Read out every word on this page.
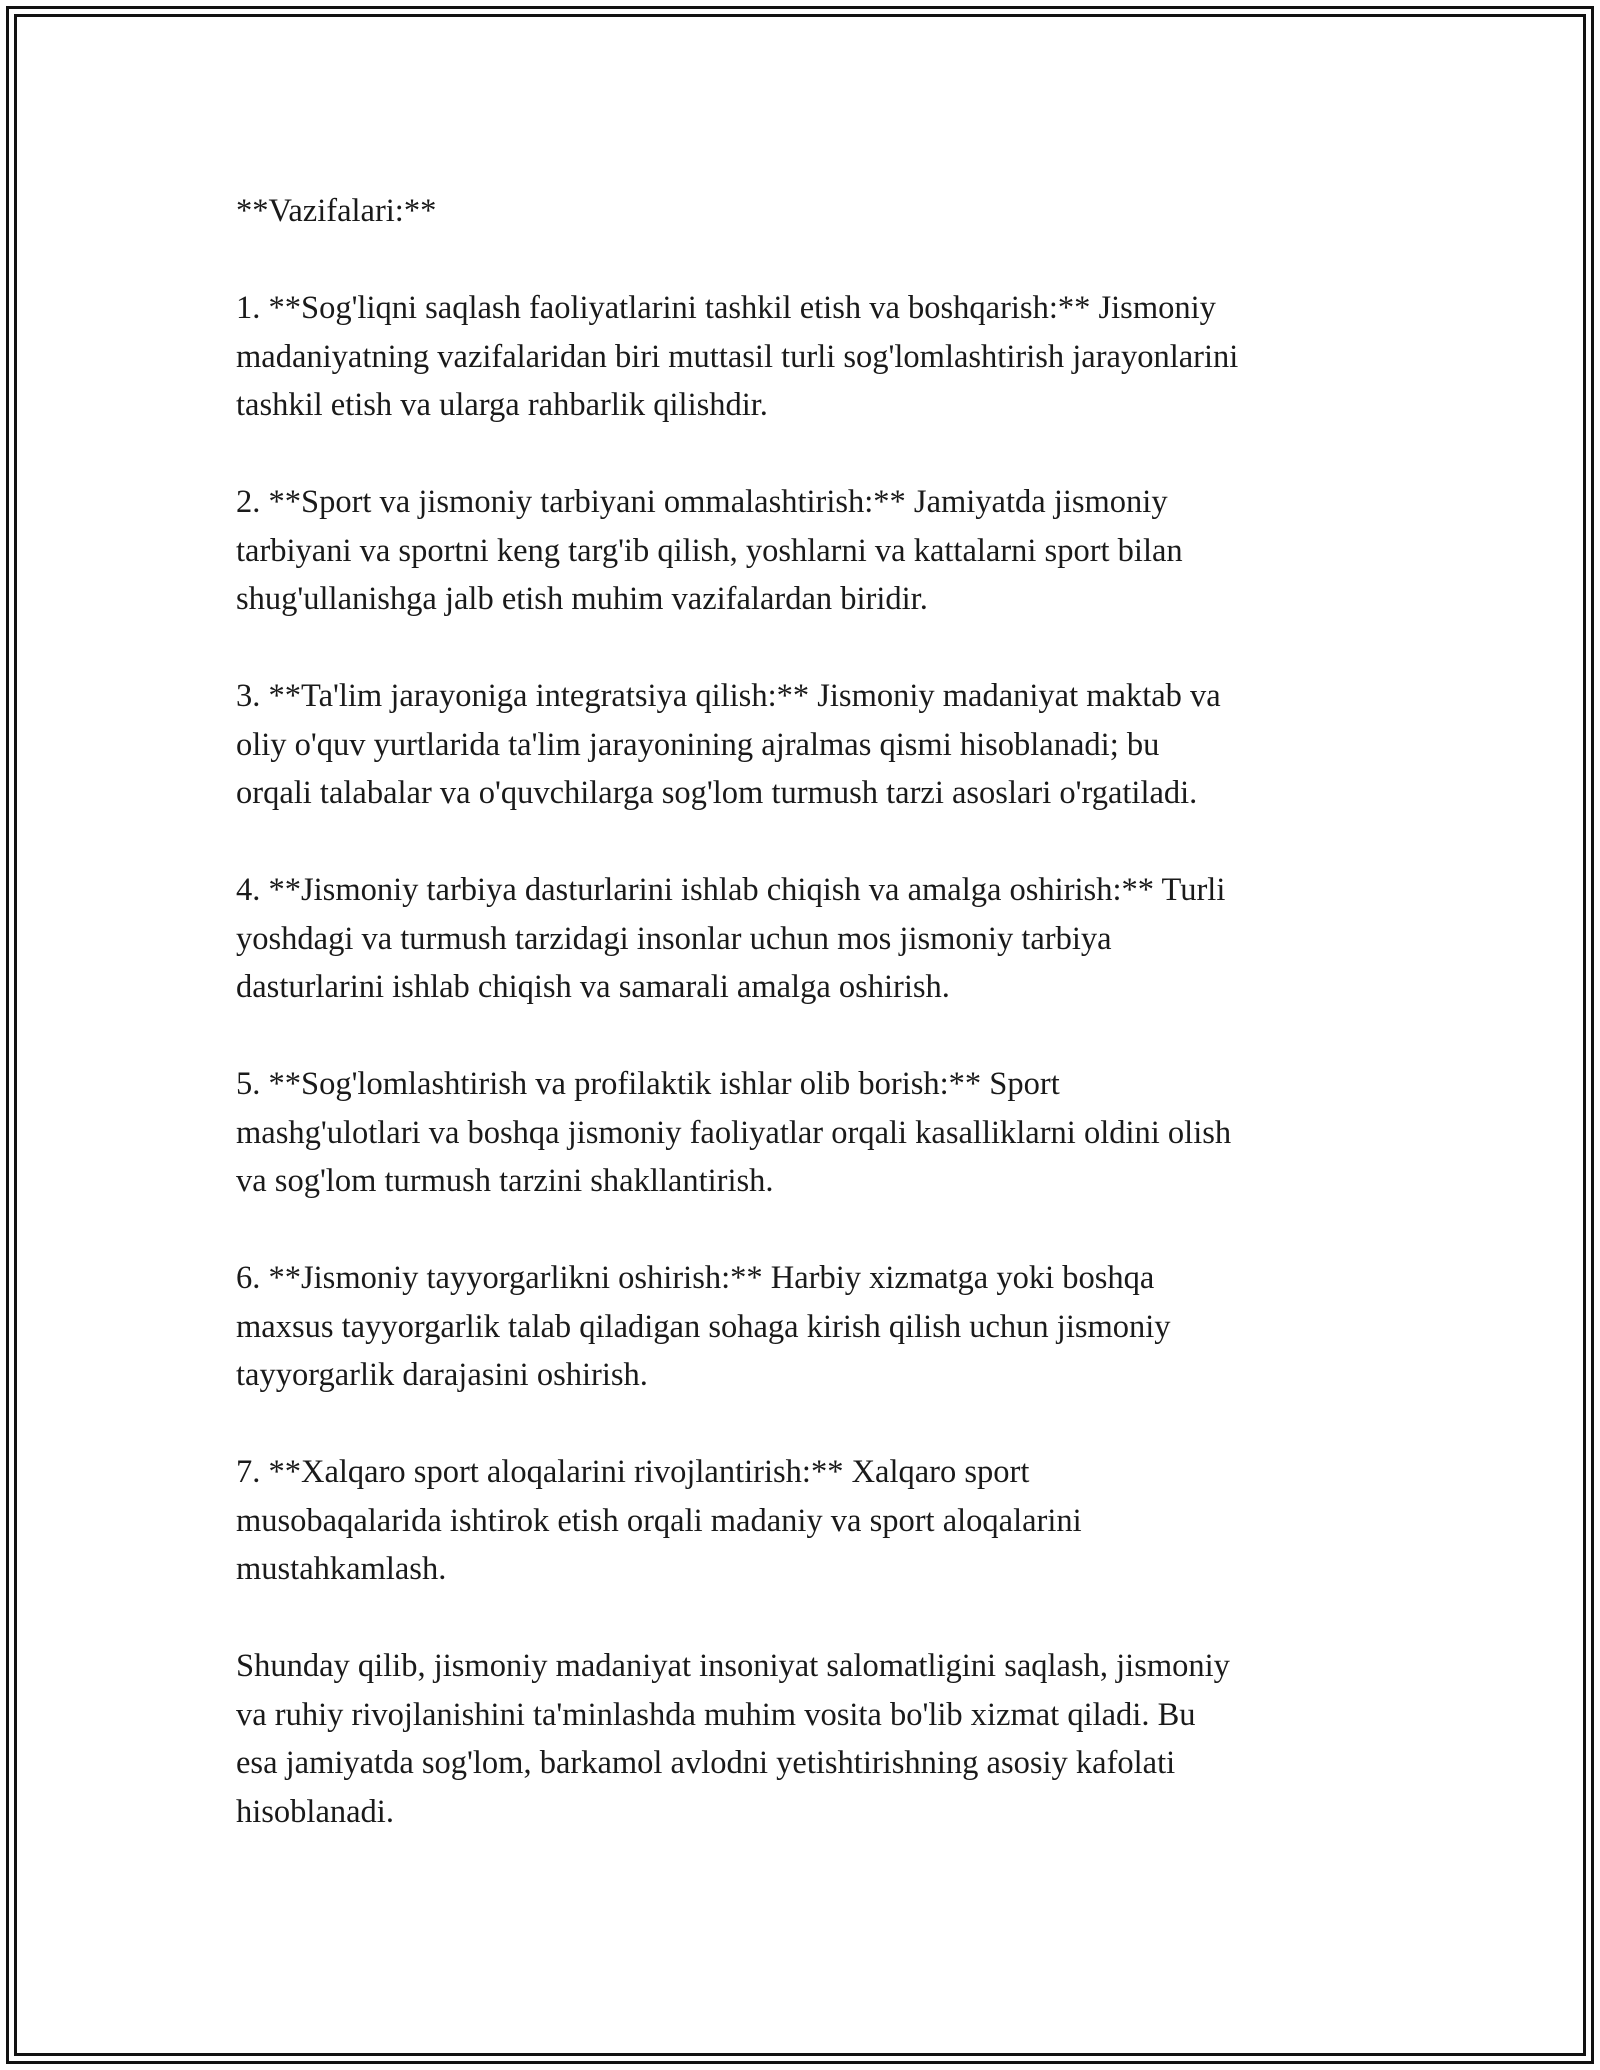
**Vazifalari:**

1. **Sog'liqni saqlash faoliyatlarini tashkil etish va boshqarish:** Jismoniy
madaniyatning vazifalaridan biri muttasil turli sog'lomlashtirish jarayonlarini
tashkil etish va ularga rahbarlik qilishdir.

2. **Sport va jismoniy tarbiyani ommalashtirish:** Jamiyatda jismoniy
tarbiyani va sportni keng targ'ib qilish, yoshlarni va kattalarni sport bilan
shug'ullanishga jalb etish muhim vazifalardan biridir.

3. **Ta'lim jarayoniga integratsiya qilish:** Jismoniy madaniyat maktab va
oliy o'quv yurtlarida ta'lim jarayonining ajralmas qismi hisoblanadi; bu
orqali talabalar va o'quvchilarga sog'lom turmush tarzi asoslari o'rgatiladi.

4. **Jismoniy tarbiya dasturlarini ishlab chiqish va amalga oshirish:** Turli
yoshdagi va turmush tarzidagi insonlar uchun mos jismoniy tarbiya
dasturlarini ishlab chiqish va samarali amalga oshirish.

5. **Sog'lomlashtirish va profilaktik ishlar olib borish:** Sport
mashg'ulotlari va boshqa jismoniy faoliyatlar orqali kasalliklarni oldini olish
va sog'lom turmush tarzini shakllantirish.

6. **Jismoniy tayyorgarlikni oshirish:** Harbiy xizmatga yoki boshqa
maxsus tayyorgarlik talab qiladigan sohaga kirish qilish uchun jismoniy
tayyorgarlik darajasini oshirish.

7. **Xalqaro sport aloqalarini rivojlantirish:** Xalqaro sport
musobaqalarida ishtirok etish orqali madaniy va sport aloqalarini
mustahkamlash.

Shunday qilib, jismoniy madaniyat insoniyat salomatligini saqlash, jismoniy
va ruhiy rivojlanishini ta'minlashda muhim vosita bo'lib xizmat qiladi. Bu
esa jamiyatda sog'lom, barkamol avlodni yetishtirishning asosiy kafolati
hisoblanadi.
